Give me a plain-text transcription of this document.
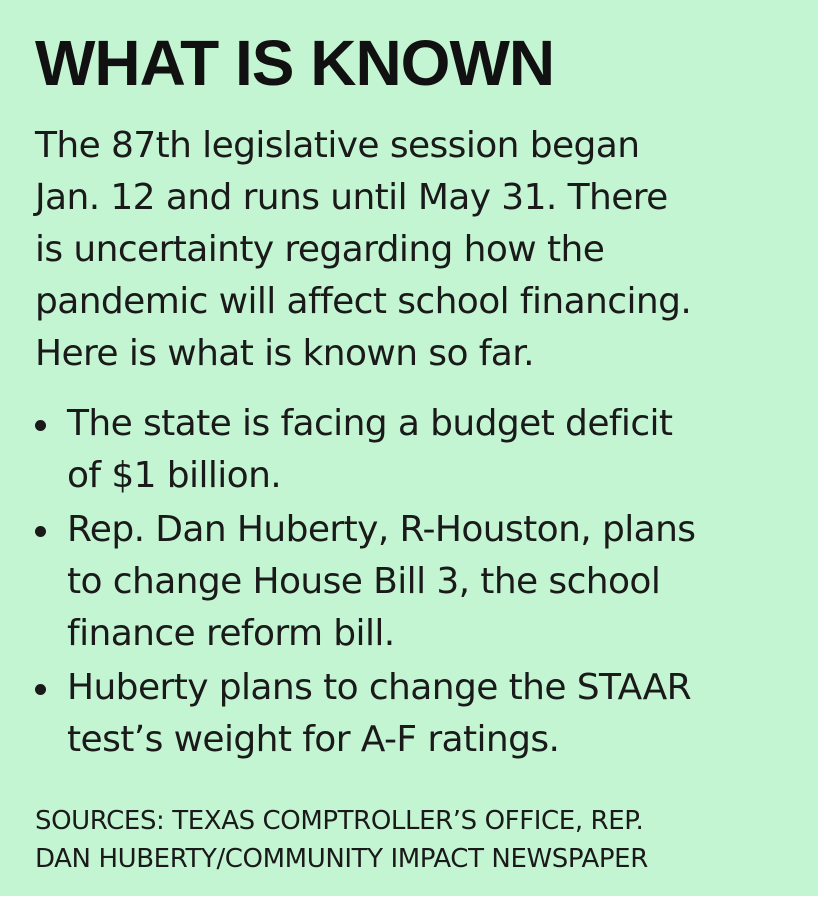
WHAT IS KNOWN

The 87th legislative session began
Jan. 12 and runs until May 31. There
is uncertainty regarding how the
pandemic will affect school financing.
Here is what is known so far.

The state is facing a budget deficit
of $1 billion.
Rep. Dan Huberty, R-Houston, plans
to change House Bill 3, the school
finance reform bill.
Huberty plans to change the STAAR
test’s weight for A-F ratings.

SOURCES: TEXAS COMPTROLLER’S OFFICE, REP.
DAN HUBERTY/COMMUNITY IMPACT NEWSPAPER
